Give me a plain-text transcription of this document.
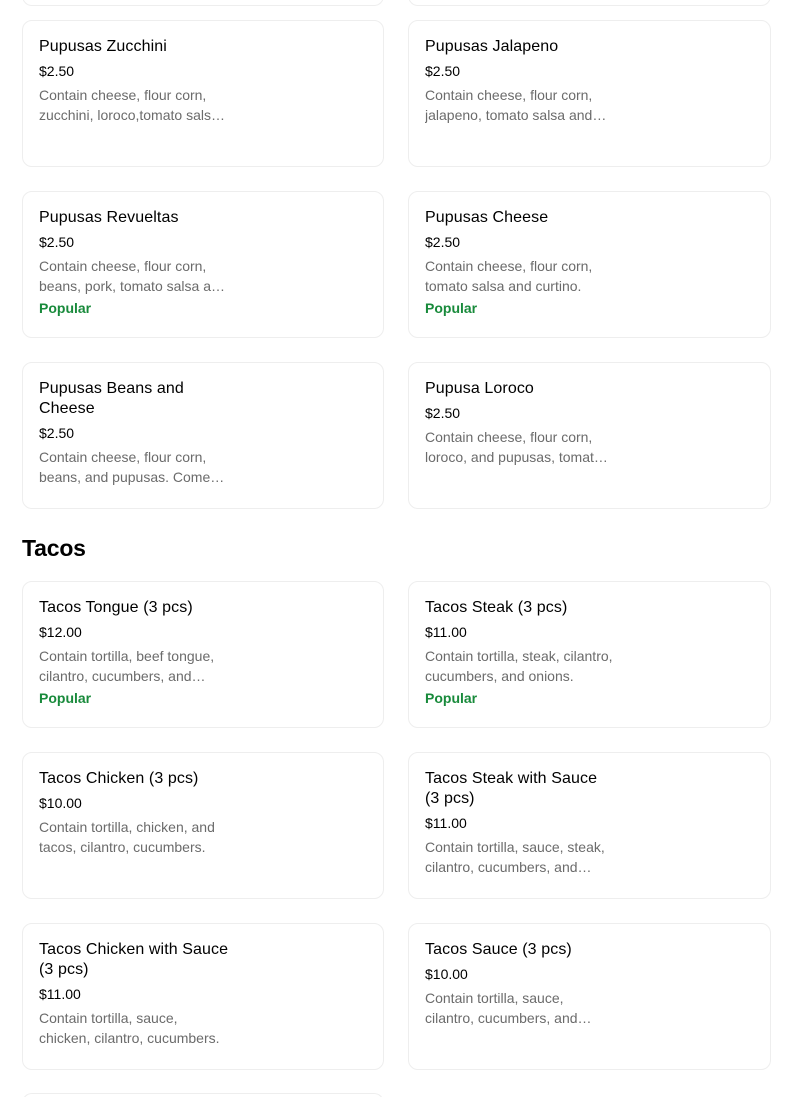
Pupusas Zucchini
$2.50
Contain cheese, flour corn, zucchini, loroco,tomato salsa
Pupusas Jalapeno
$2.50
Contain cheese, flour corn, jalapeno, tomato salsa and
Pupusas Revueltas
$2.50
Contain cheese, flour corn, beans, pork, tomato salsa and
Popular
Pupusas Cheese
$2.50
Contain cheese, flour corn, tomato salsa and curtino.
Popular
Pupusas Beans and Cheese
$2.50
Contain cheese, flour corn, beans, and pupusas. Comes
Pupusa Loroco
$2.50
Contain cheese, flour corn, loroco, and pupusas, tomato
Tacos
Tacos Tongue (3 pcs)
$12.00
Contain tortilla, beef tongue, cilantro, cucumbers, and
Popular
Tacos Steak (3 pcs)
$11.00
Contain tortilla, steak, cilantro, cucumbers, and onions.
Popular
Tacos Chicken (3 pcs)
$10.00
Contain tortilla, chicken, and tacos, cilantro, cucumbers.
Tacos Steak with Sauce (3 pcs)
$11.00
Contain tortilla, sauce, steak, cilantro, cucumbers, and
Tacos Chicken with Sauce (3 pcs)
$11.00
Contain tortilla, sauce, chicken, cilantro, cucumbers.
Tacos Sauce (3 pcs)
$10.00
Contain tortilla, sauce, cilantro, cucumbers, and
